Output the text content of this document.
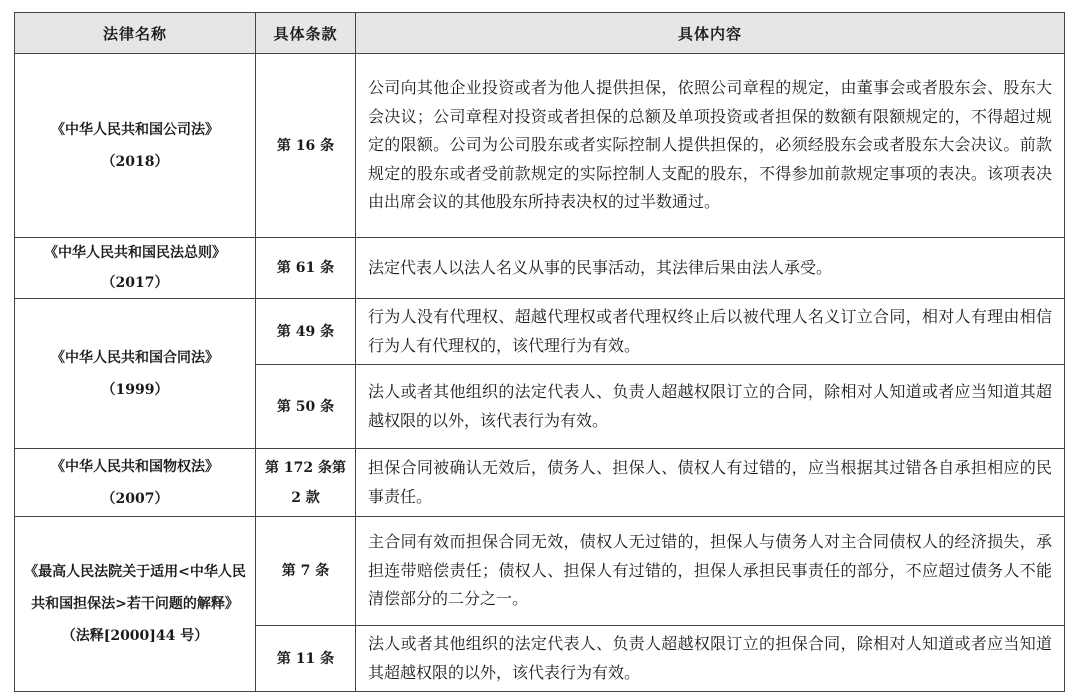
法律名称	具体条款	具体内容

《中华人民共和国公司法》
（2018）	第 16 条	公司向其他企业投资或者为他人提供担保，依照公司章程的规定，由董事会或者股东会、股东大会决议；公司章程对投资或者担保的总额及单项投资或者担保的数额有限额规定的，不得超过规定的限额。公司为公司股东或者实际控制人提供担保的，必须经股东会或者股东大会决议。前款规定的股东或者受前款规定的实际控制人支配的股东，不得参加前款规定事项的表决。该项表决由出席会议的其他股东所持表决权的过半数通过。

《中华人民共和国民法总则》
（2017）	第 61 条	法定代表人以法人名义从事的民事活动，其法律后果由法人承受。

《中华人民共和国合同法》
（1999）	第 49 条	行为人没有代理权、超越代理权或者代理权终止后以被代理人名义订立合同，相对人有理由相信行为人有代理权的，该代理行为有效。
	第 50 条	法人或者其他组织的法定代表人、负责人超越权限订立的合同，除相对人知道或者应当知道其超越权限的以外，该代表行为有效。

《中华人民共和国物权法》
（2007）	第 172 条第 2 款	担保合同被确认无效后，债务人、担保人、债权人有过错的，应当根据其过错各自承担相应的民事责任。

《最高人民法院关于适用<中华人民共和国担保法>若干问题的解释》
（法释[2000]44 号）	第 7 条	主合同有效而担保合同无效，债权人无过错的，担保人与债务人对主合同债权人的经济损失，承担连带赔偿责任；债权人、担保人有过错的，担保人承担民事责任的部分，不应超过债务人不能清偿部分的二分之一。
	第 11 条	法人或者其他组织的法定代表人、负责人超越权限订立的担保合同，除相对人知道或者应当知道其超越权限的以外，该代表行为有效。
